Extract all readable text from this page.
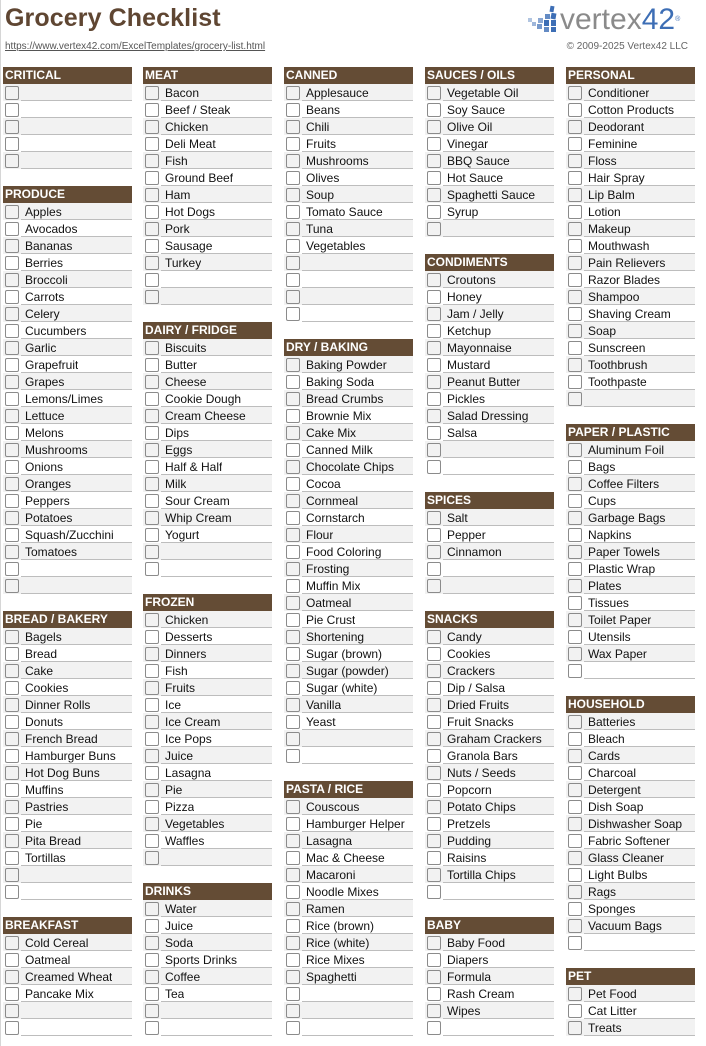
Grocery Checklist
https://www.vertex42.com/ExcelTemplates/grocery-list.html	© 2009-2025 Vertex42 LLC
vertex42®
CRITICAL
PRODUCE
Apples
Avocados
Bananas
Berries
Broccoli
Carrots
Celery
Cucumbers
Garlic
Grapefruit
Grapes
Lemons/Limes
Lettuce
Melons
Mushrooms
Onions
Oranges
Peppers
Potatoes
Squash/Zucchini
Tomatoes
BREAD / BAKERY
Bagels
Bread
Cake
Cookies
Dinner Rolls
Donuts
French Bread
Hamburger Buns
Hot Dog Buns
Muffins
Pastries
Pie
Pita Bread
Tortillas
BREAKFAST
Cold Cereal
Oatmeal
Creamed Wheat
Pancake Mix
MEAT
Bacon
Beef / Steak
Chicken
Deli Meat
Fish
Ground Beef
Ham
Hot Dogs
Pork
Sausage
Turkey
DAIRY / FRIDGE
Biscuits
Butter
Cheese
Cookie Dough
Cream Cheese
Dips
Eggs
Half & Half
Milk
Sour Cream
Whip Cream
Yogurt
FROZEN
Chicken
Desserts
Dinners
Fish
Fruits
Ice
Ice Cream
Ice Pops
Juice
Lasagna
Pie
Pizza
Vegetables
Waffles
DRINKS
Water
Juice
Soda
Sports Drinks
Coffee
Tea
CANNED
Applesauce
Beans
Chili
Fruits
Mushrooms
Olives
Soup
Tomato Sauce
Tuna
Vegetables
DRY / BAKING
Baking Powder
Baking Soda
Bread Crumbs
Brownie Mix
Cake Mix
Canned Milk
Chocolate Chips
Cocoa
Cornmeal
Cornstarch
Flour
Food Coloring
Frosting
Muffin Mix
Oatmeal
Pie Crust
Shortening
Sugar (brown)
Sugar (powder)
Sugar (white)
Vanilla
Yeast
PASTA / RICE
Couscous
Hamburger Helper
Lasagna
Mac & Cheese
Macaroni
Noodle Mixes
Ramen
Rice (brown)
Rice (white)
Rice Mixes
Spaghetti
SAUCES / OILS
Vegetable Oil
Soy Sauce
Olive Oil
Vinegar
BBQ Sauce
Hot Sauce
Spaghetti Sauce
Syrup
CONDIMENTS
Croutons
Honey
Jam / Jelly
Ketchup
Mayonnaise
Mustard
Peanut Butter
Pickles
Salad Dressing
Salsa
SPICES
Salt
Pepper
Cinnamon
SNACKS
Candy
Cookies
Crackers
Dip / Salsa
Dried Fruits
Fruit Snacks
Graham Crackers
Granola Bars
Nuts / Seeds
Popcorn
Potato Chips
Pretzels
Pudding
Raisins
Tortilla Chips
BABY
Baby Food
Diapers
Formula
Rash Cream
Wipes
PERSONAL
Conditioner
Cotton Products
Deodorant
Feminine
Floss
Hair Spray
Lip Balm
Lotion
Makeup
Mouthwash
Pain Relievers
Razor Blades
Shampoo
Shaving Cream
Soap
Sunscreen
Toothbrush
Toothpaste
PAPER / PLASTIC
Aluminum Foil
Bags
Coffee Filters
Cups
Garbage Bags
Napkins
Paper Towels
Plastic Wrap
Plates
Tissues
Toilet Paper
Utensils
Wax Paper
HOUSEHOLD
Batteries
Bleach
Cards
Charcoal
Detergent
Dish Soap
Dishwasher Soap
Fabric Softener
Glass Cleaner
Light Bulbs
Rags
Sponges
Vacuum Bags
PET
Pet Food
Cat Litter
Treats
